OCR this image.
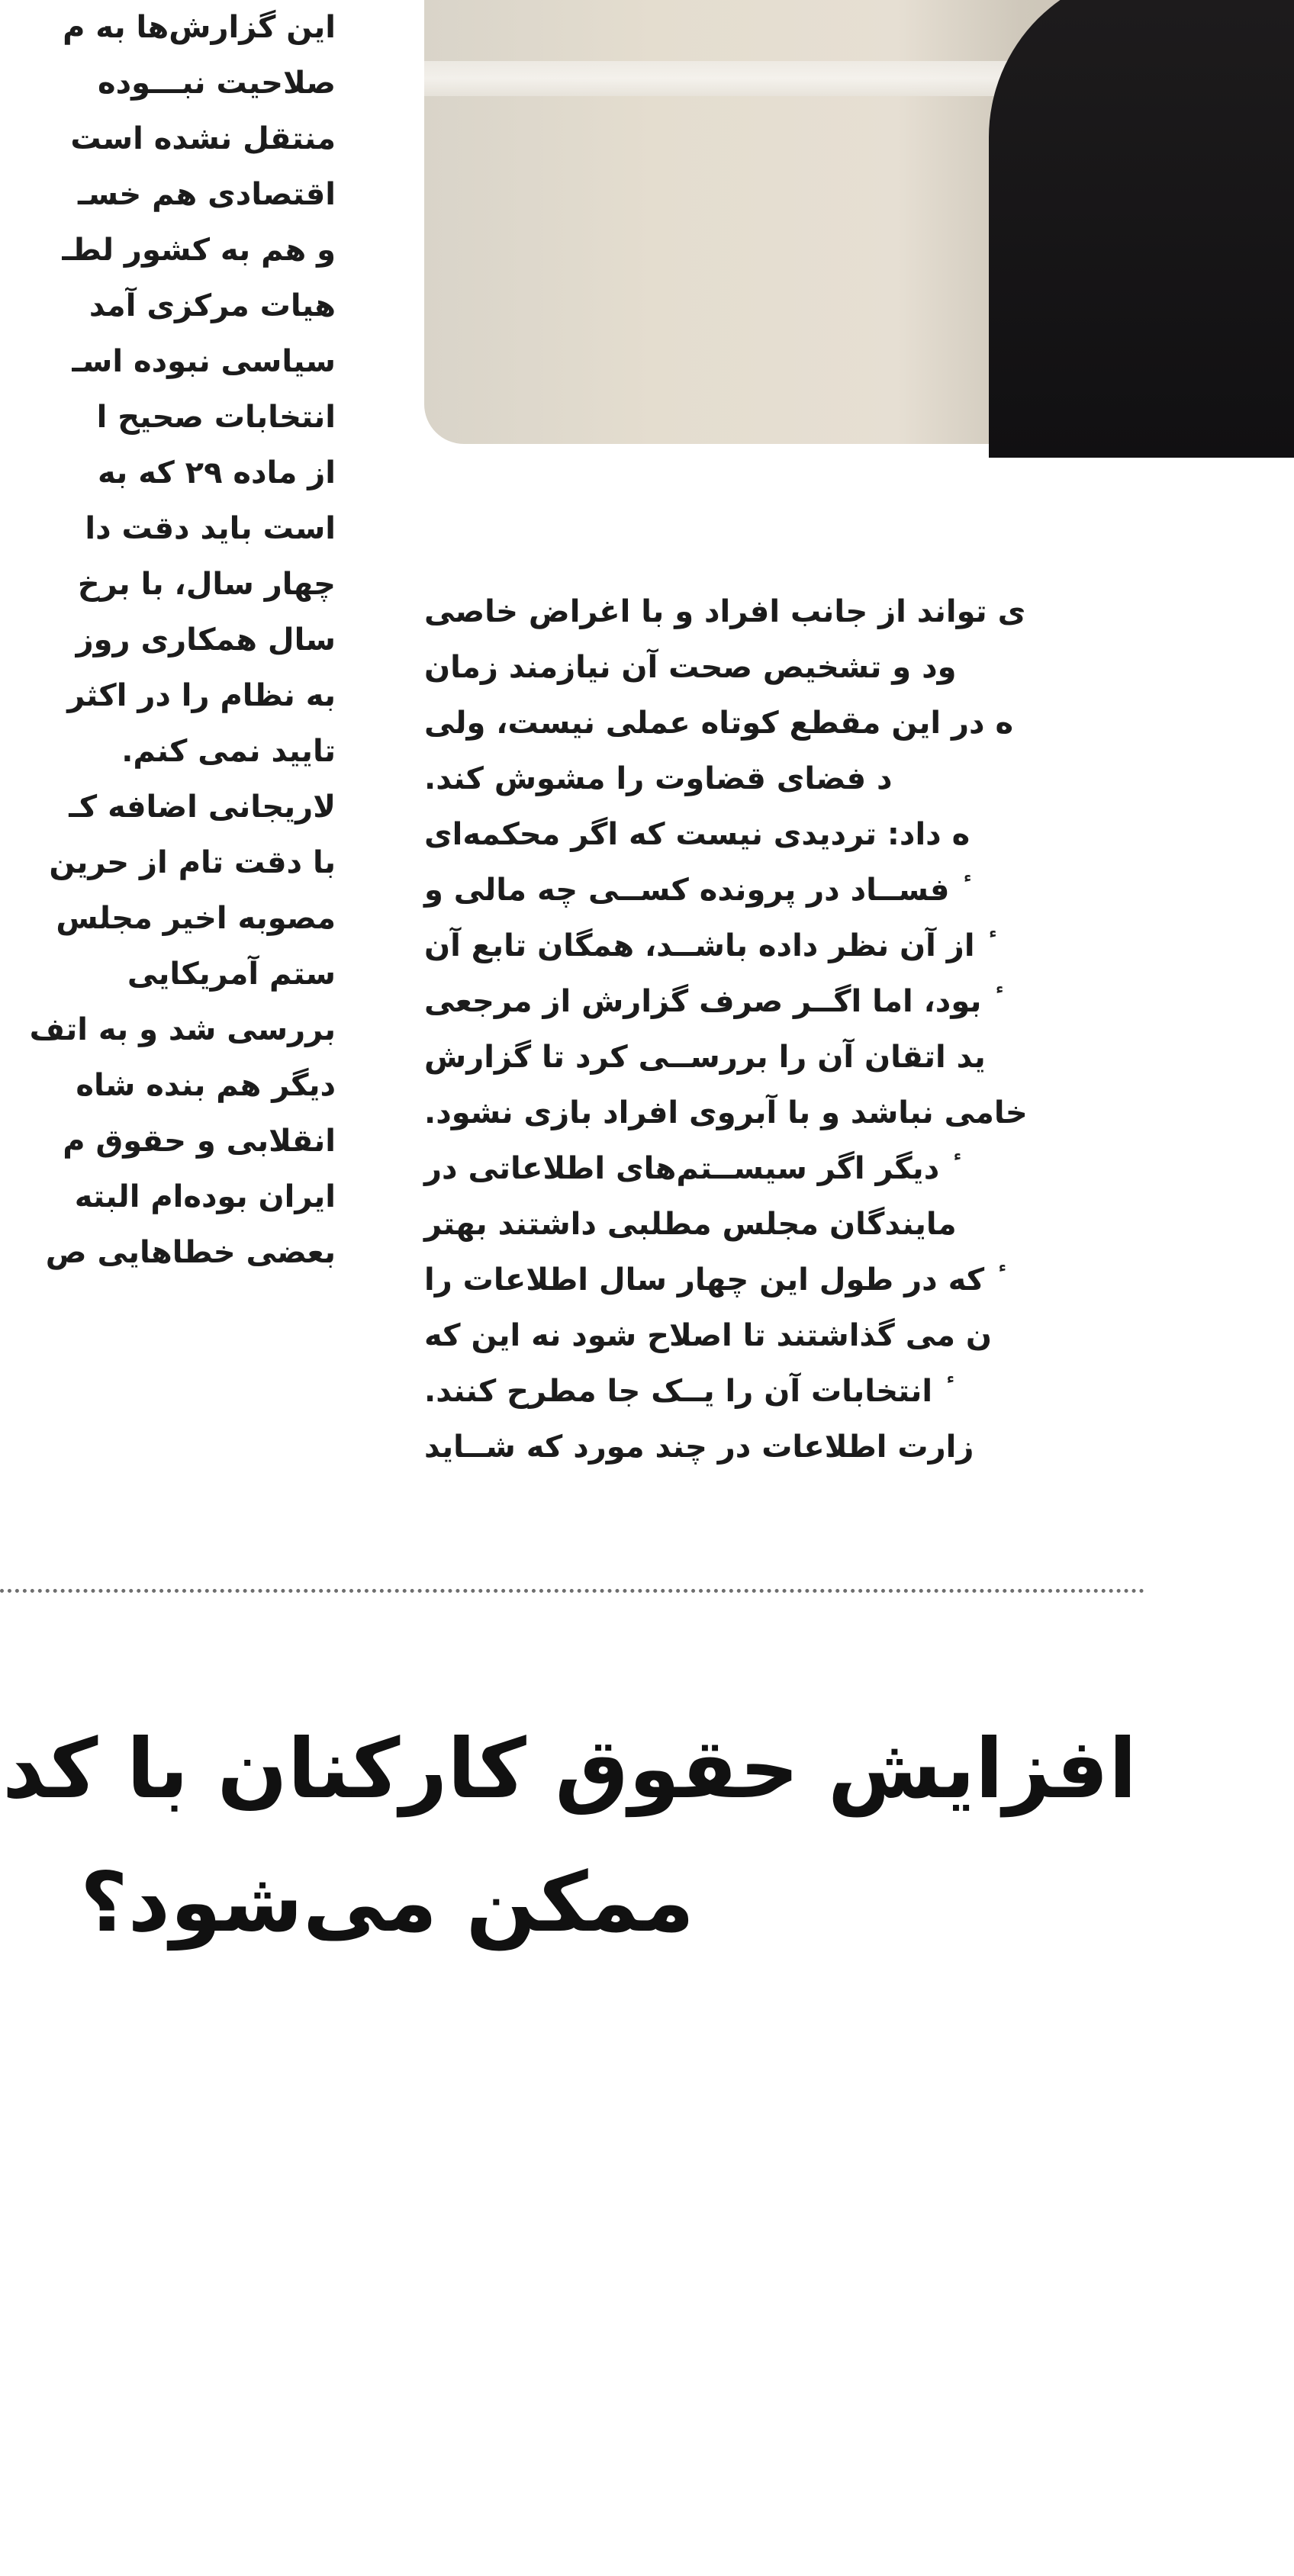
این گزارش‌ها به م
صلاحیت نبـــوده
منتقل نشده است
اقتصادی هم خسـ
و هم به کشور لطـ
هیات مرکزی آمد
سیاسی نبوده اسـ
انتخابات صحیح ا
از ماده ۲۹ که به
است باید دقت دا
چهار سال، با برخ
سال همکاری روز
به نظام را در اکثر
تایید نمی کنم.
لاریجانی اضافه کـ
با دقت تام از حرین
مصوبه اخیر مجلس
ستم آمریکایی
بررسی شد و به اتف
دیگر هم بنده شاه
انقلابی و حقوق م
ایران بوده‌ام البته
بعضی خطاهایی ص
ی تواند از جانب افراد و با اغراض خاصی
ود و تشخیص صحت آن نیازمند زمان
ه در این مقطع کوتاه عملی نیست، ولی
د فضای قضاوت را مشوش کند.
ه داد: تردیدی نیست که اگر محکمه‌ای
ٔ فســاد در پرونده کســی چه مالی و
ٔ از آن نظر داده باشــد، همگان تابع آن
ٔ بود، اما اگــر صرف گزارش از مرجعی
ید اتقان آن را بررســی کرد تا گزارش
خامی نباشد و با آبروی افراد بازی نشود.
ٔ دیگر اگر سیســتم‌های اطلاعاتی در
مایندگان مجلس مطلبی داشتند بهتر
ٔ که در طول این چهار سال اطلاعات را
ن می گذاشتند تا اصلاح شود نه این که
ٔ انتخابات آن را یــک جا مطرح کنند.
زارت اطلاعات در چند مورد که شــاید
افزایش حقوق کارکنان با کد
ممکن می‌شود؟
